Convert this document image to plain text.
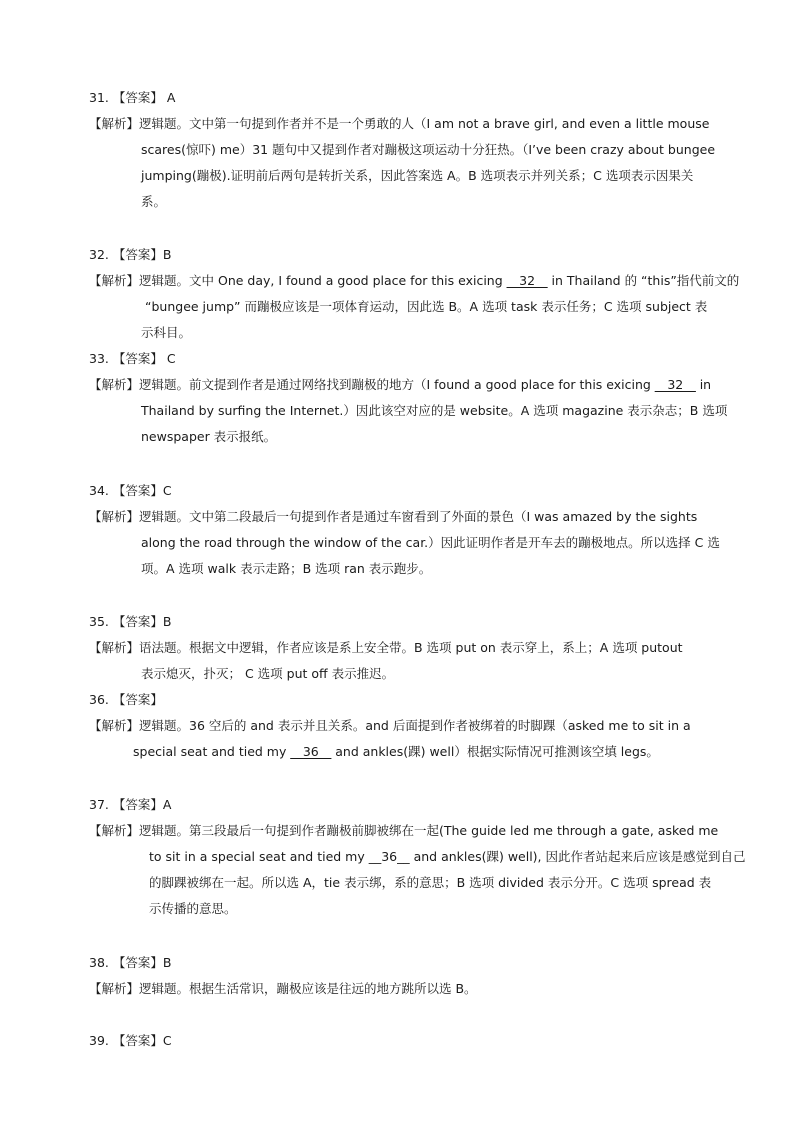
31. 【答案】 A
【解析】逻辑题。文中第一句提到作者并不是一个勇敢的人（I am not a brave girl, and even a little mouse
scares(惊吓) me）31 题句中又提到作者对蹦极这项运动十分狂热。（I’ve been crazy about bungee
jumping(蹦极).证明前后两句是转折关系，因此答案选 A。B 选项表示并列关系；C 选项表示因果关
系。
32. 【答案】B
【解析】逻辑题。文中 One day, I found a good place for this exicing __32__ in Thailand 的 “this”指代前文的
“bungee jump” 而蹦极应该是一项体育运动，因此选 B。A 选项 task 表示任务；C 选项 subject 表
示科目。
33. 【答案】 C
【解析】逻辑题。前文提到作者是通过网络找到蹦极的地方（I found a good place for this exicing __32__ in
Thailand by surfing the Internet.）因此该空对应的是 website。A 选项 magazine 表示杂志；B 选项
newspaper 表示报纸。
34. 【答案】C
【解析】逻辑题。文中第二段最后一句提到作者是通过车窗看到了外面的景色（I was amazed by the sights
along the road through the window of the car.）因此证明作者是开车去的蹦极地点。所以选择 C 选
项。A 选项 walk 表示走路；B 选项 ran 表示跑步。
35. 【答案】B
【解析】语法题。根据文中逻辑，作者应该是系上安全带。B 选项 put on 表示穿上，系上；A 选项 putout
表示熄灭，扑灭； C 选项 put off 表示推迟。
36. 【答案】
【解析】逻辑题。36 空后的 and 表示并且关系。and 后面提到作者被绑着的时脚踝（asked me to sit in a
special seat and tied my __36__ and ankles(踝) well）根据实际情况可推测该空填 legs。
37. 【答案】A
【解析】逻辑题。第三段最后一句提到作者蹦极前脚被绑在一起(The guide led me through a gate, asked me
to sit in a special seat and tied my __36__ and ankles(踝) well), 因此作者站起来后应该是感觉到自己
的脚踝被绑在一起。所以选 A，tie 表示绑，系的意思；B 选项 divided 表示分开。C 选项 spread 表
示传播的意思。
38. 【答案】B
【解析】逻辑题。根据生活常识，蹦极应该是往远的地方跳所以选 B。
39. 【答案】C
